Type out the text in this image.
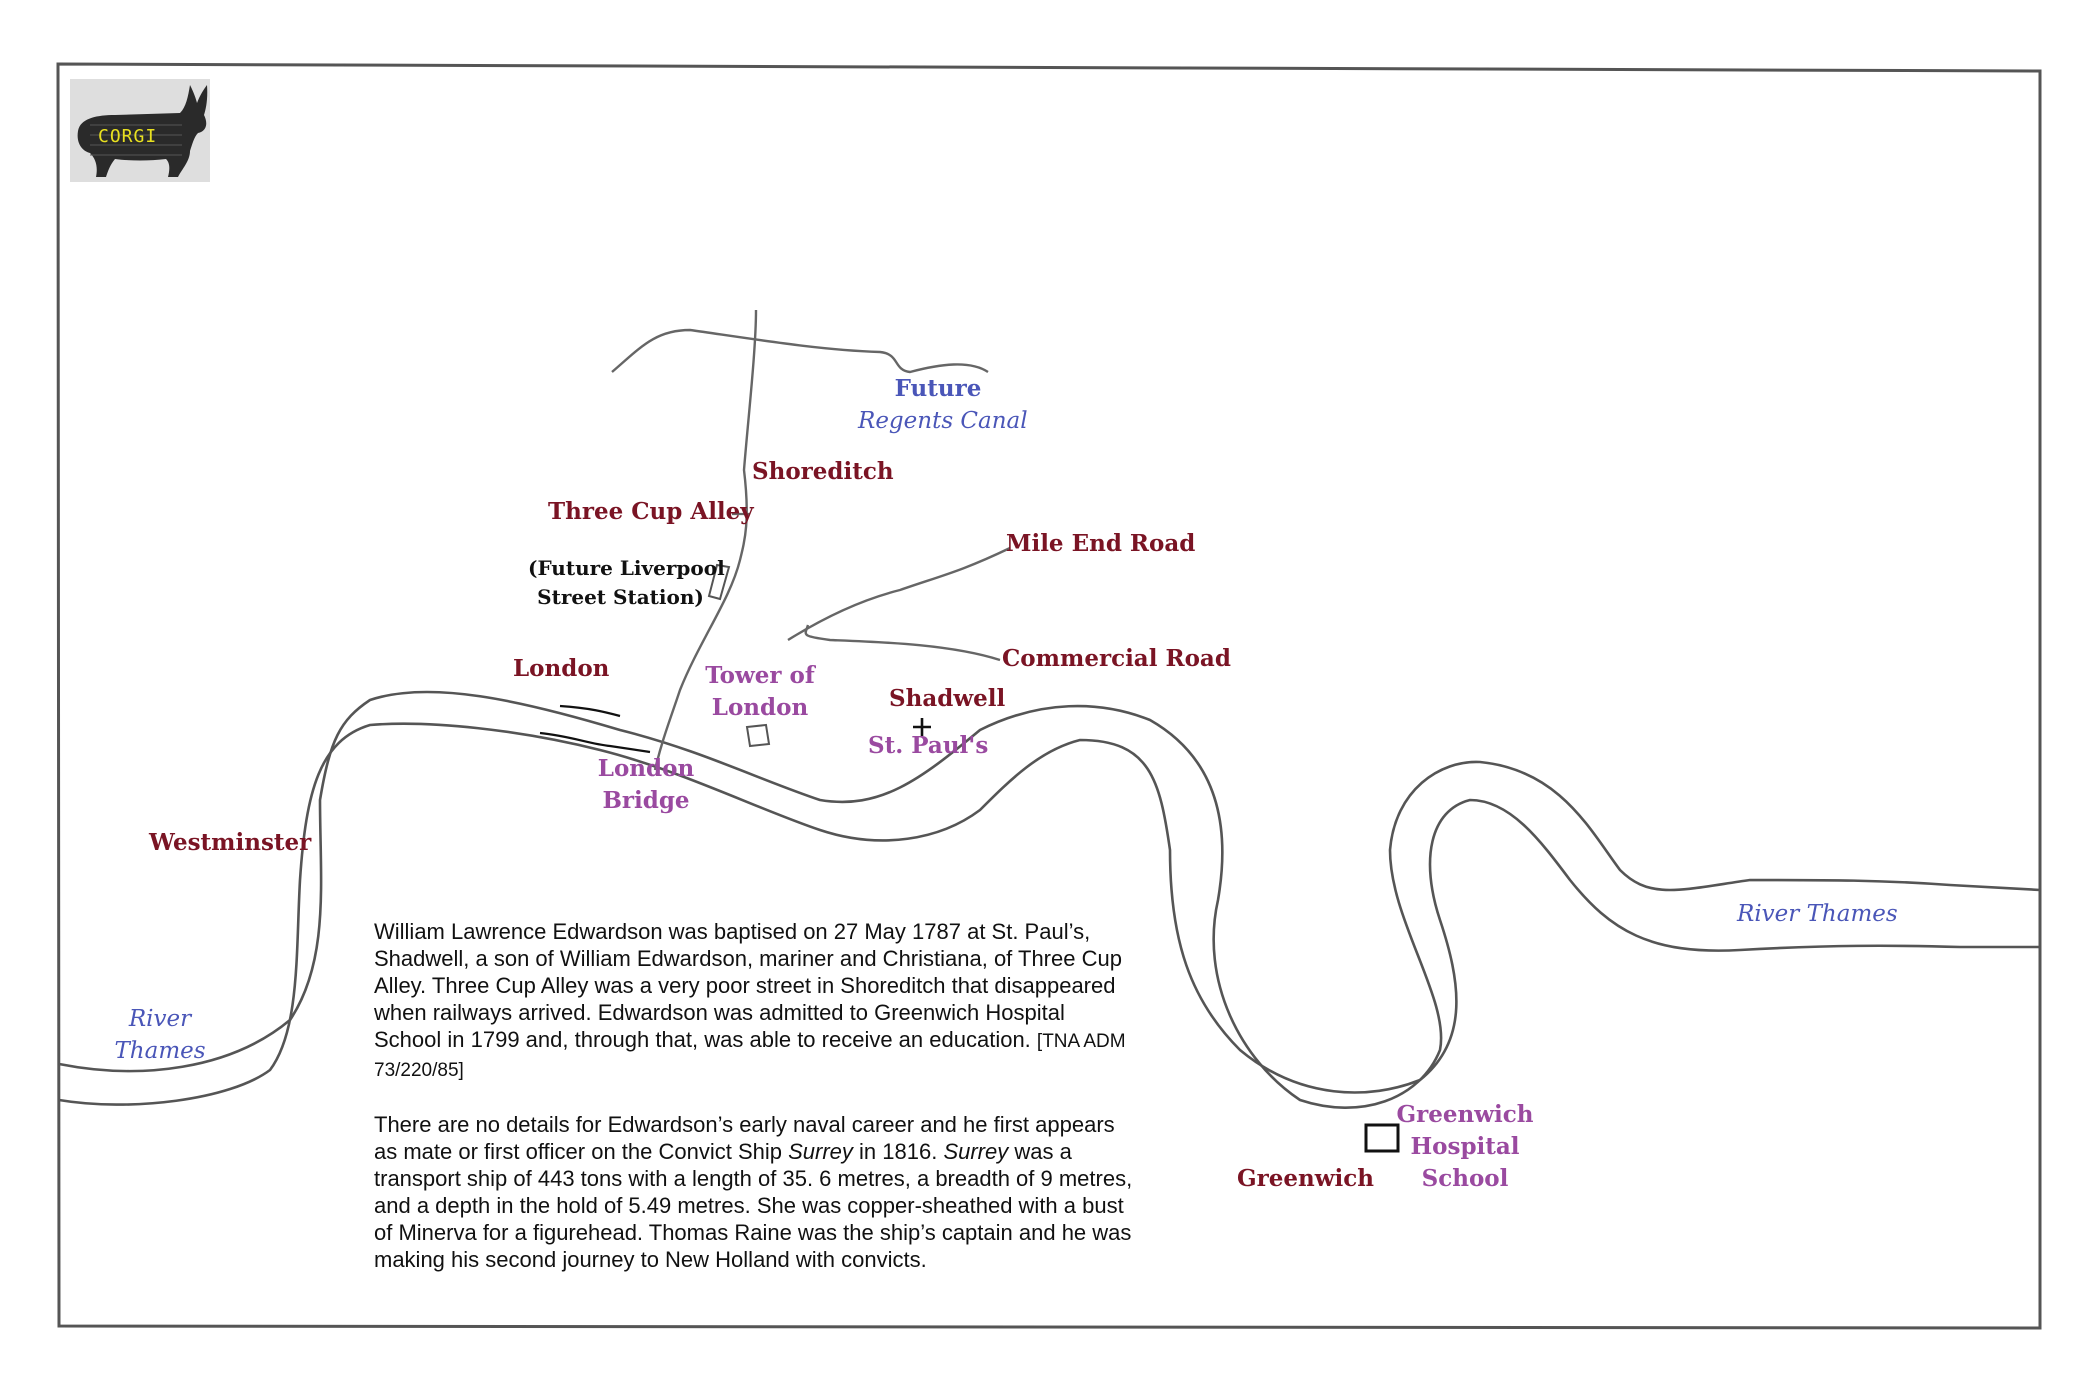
CORGI
Future
Regents Canal
Shoreditch
Three Cup Alley
(Future Liverpool
Street Station)
Mile End Road
Commercial Road
London	Tower of
London	Shadwell
St. Paul's
London
Bridge
Westminster
River
Thames
River Thames
Greenwich
Greenwich
Hospital
School
William Lawrence Edwardson was baptised on 27 May 1787 at St. Paul’s, Shadwell, a son of William Edwardson, mariner and Christiana, of Three Cup Alley. Three Cup Alley was a very poor street in Shoreditch that disappeared when railways arrived. Edwardson was admitted to Greenwich Hospital School in 1799 and, through that, was able to receive an education. [TNA ADM 73/220/85]
There are no details for Edwardson’s early naval career and he first appears as mate or first officer on the Convict Ship Surrey in 1816. Surrey was a transport ship of 443 tons with a length of 35. 6 metres, a breadth of 9 metres, and a depth in the hold of 5.49 metres. She was copper-sheathed with a bust of Minerva for a figurehead. Thomas Raine was the ship’s captain and he was making his second journey to New Holland with convicts.
